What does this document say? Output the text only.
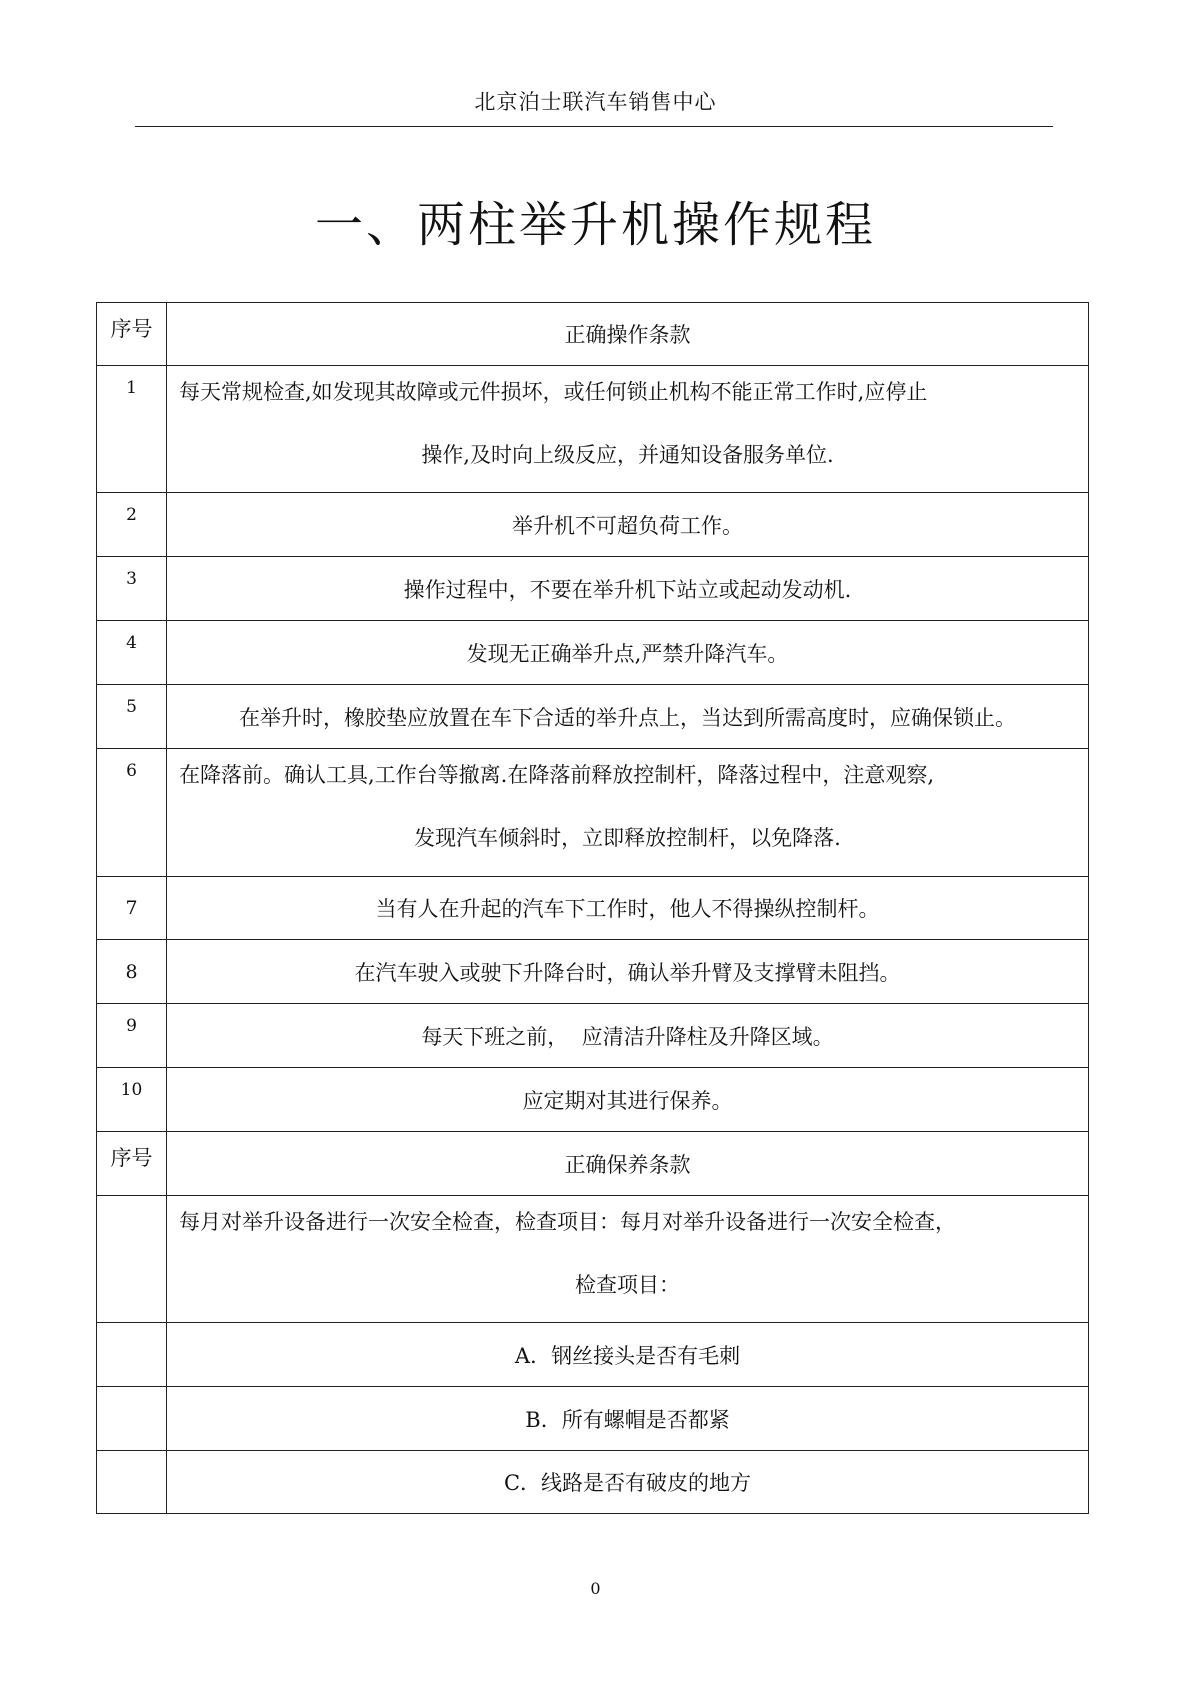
北京泊士联汽车销售中心
一、两柱举升机操作规程
序号	正确操作条款

1	每天常规检查,如发现其故障或元件损坏，或任何锁止机构不能正常工作时,应停止
操作,及时向上级反应，并通知设备服务单位.

2	举升机不可超负荷工作。

3	操作过程中，不要在举升机下站立或起动发动机.

4	发现无正确举升点,严禁升降汽车。

5	在举升时，橡胶垫应放置在车下合适的举升点上，当达到所需高度时，应确保锁止。

6	在降落前。确认工具,工作台等撤离.在降落前释放控制杆，降落过程中，注意观察,
发现汽车倾斜时，立即释放控制杆，以免降落.

7	当有人在升起的汽车下工作时，他人不得操纵控制杆。

8	在汽车驶入或驶下升降台时，确认举升臂及支撑臂未阻挡。

9	每天下班之前，  应清洁升降柱及升降区域。

10	应定期对其进行保养。

序号	正确保养条款

	每月对举升设备进行一次安全检查，检查项目：每月对举升设备进行一次安全检查，
检查项目：

	A．钢丝接头是否有毛刺

	B．所有螺帽是否都紧

	C．线路是否有破皮的地方
0
